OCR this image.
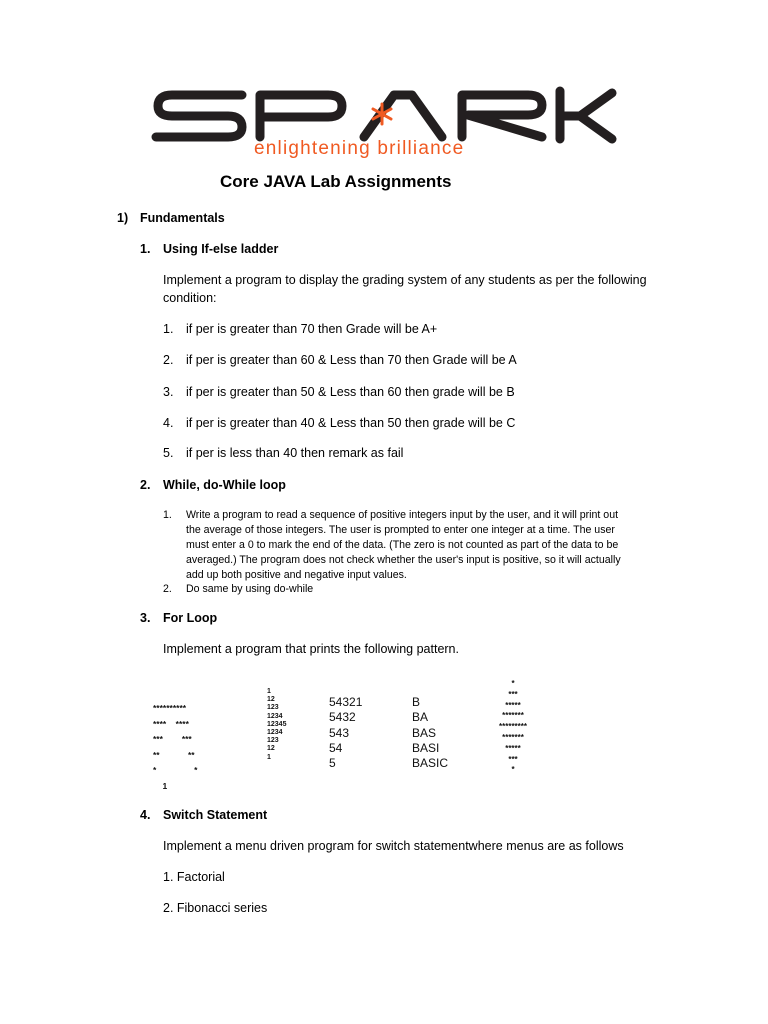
enlightening brilliance
Core JAVA Lab Assignments
1) Fundamentals
1. Using If-else ladder
Implement a program to display the grading system of any students as per the following
condition:
1. if per is greater than 70 then Grade will be A+
2. if per is greater than 60 & Less than 70 then Grade will be A
3. if per is greater than 50 & Less than 60 then grade will be B
4. if per is greater than 40 & Less than 50 then grade will be C
5. if per is less than 40 then remark as fail
2. While, do-While loop
1. Write a program to read a sequence of positive integers input by the user, and it will print out
the average of those integers. The user is prompted to enter one integer at a time. The user
must enter a 0 to mark the end of the data. (The zero is not counted as part of the data to be
averaged.) The program does not check whether the user's input is positive, so it will actually
add up both positive and negative input values.
2. Do same by using do-while
3. For Loop
Implement a program that prints the following pattern.
**********
****    ****
***        ***
**            **
*                *
1
1
12
123
1234
12345
1234
123
12
1
54321
5432
543
54
5
B
BA
BAS
BASI
BASIC
*
***
*****
*******
*********
*******
*****
***
*
4. Switch Statement
Implement a menu driven program for switch statementwhere menus are as follows
1. Factorial
2. Fibonacci series
